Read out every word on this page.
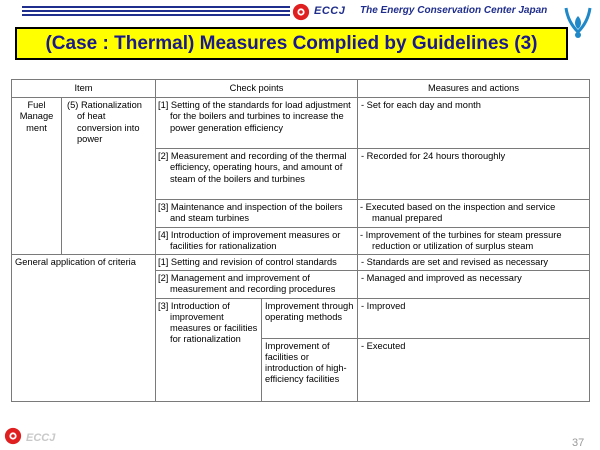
ECCJ The Energy Conservation Center Japan
(Case : Thermal) Measures Complied by Guidelines (3)
Item		Check points		Measures and actions
Fuel Manage ment	(5) Rationalization of heat conversion into power	[1] Setting of the standards for load adjustment for the boilers and turbines to increase the power generation efficiency		- Set for each day and month
		[2] Measurement and recording of the thermal efficiency, operating hours, and amount of steam of the boilers and turbines		- Recorded for 24 hours thoroughly
		[3] Maintenance and inspection of the boilers and steam turbines		- Executed based on the inspection and service manual prepared
		[4] Introduction of improvement measures or facilities for rationalization		- Improvement of the turbines for steam pressure reduction or utilization of surplus steam
General application of criteria		[1] Setting and revision of control standards		- Standards are set and revised as necessary
		[2] Management and improvement of measurement and recording procedures		- Managed and improved as necessary
		[3] Introduction of improvement measures or facilities for rationalization	Improvement through operating methods	- Improved
			Improvement of facilities or introduction of high-efficiency facilities	- Executed
ECCJ	37
